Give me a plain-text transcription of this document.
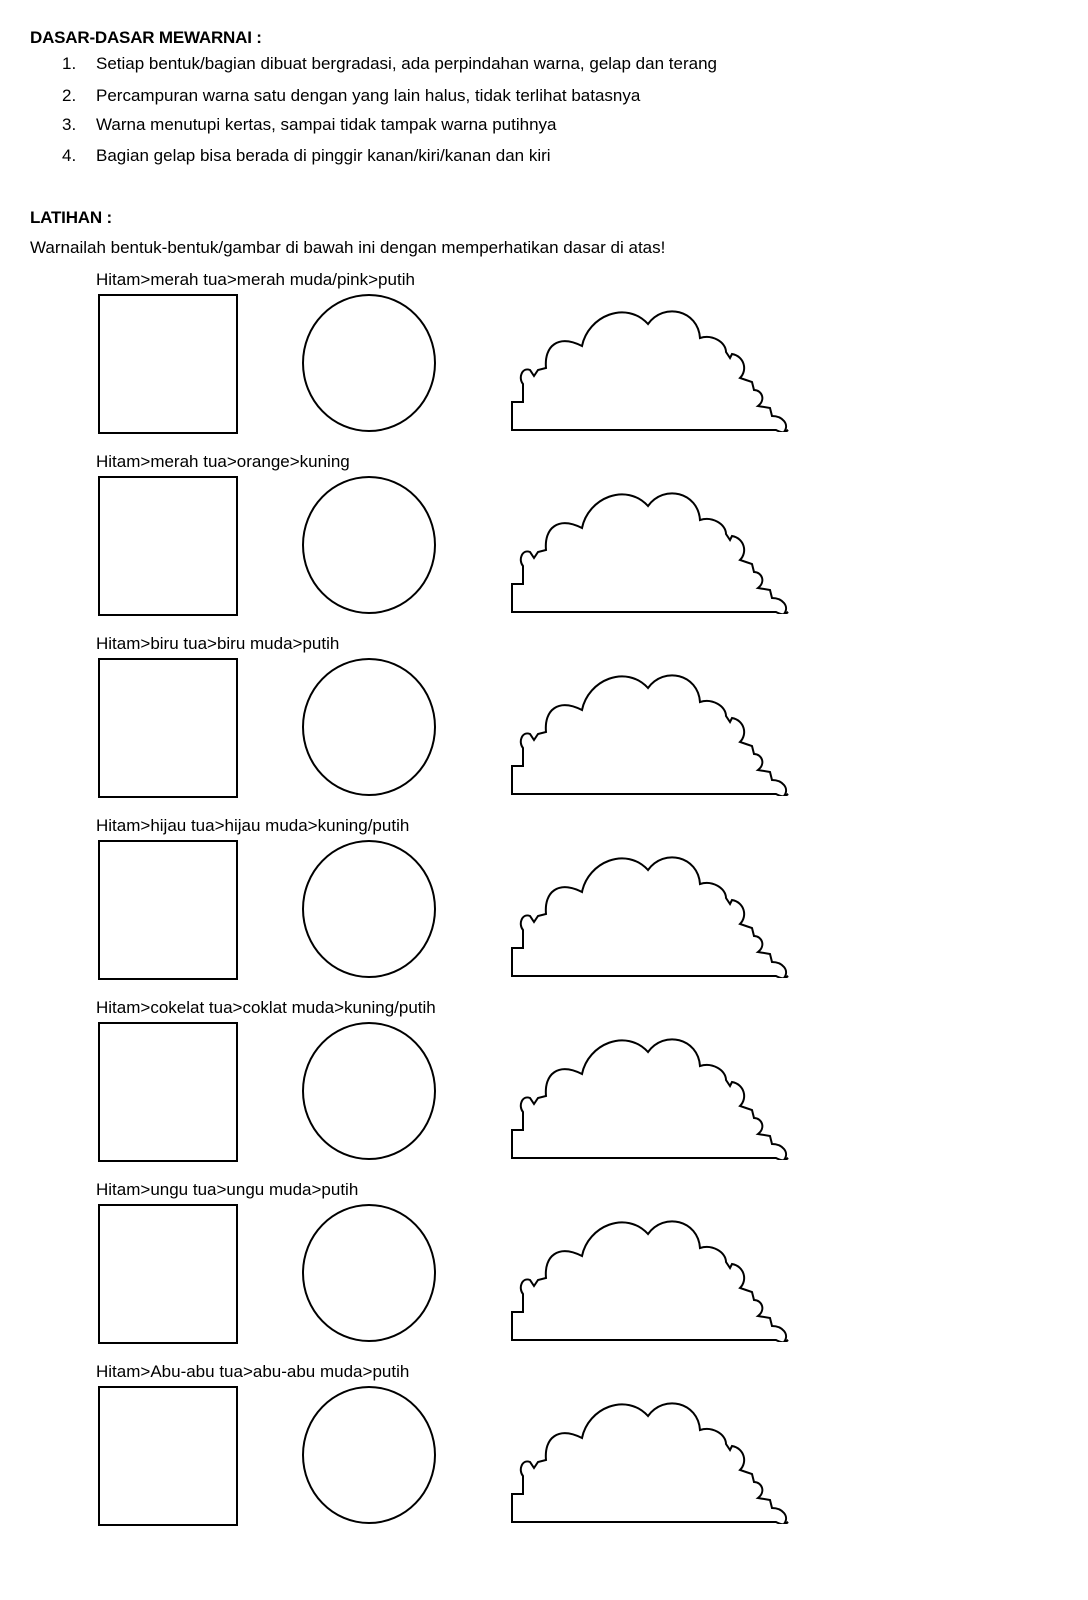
DASAR-DASAR MEWARNAI :
1. Setiap bentuk/bagian dibuat bergradasi, ada perpindahan warna, gelap dan terang
2. Percampuran warna satu dengan yang lain halus, tidak terlihat batasnya
3. Warna menutupi kertas, sampai tidak tampak warna putihnya
4. Bagian gelap bisa berada di pinggir kanan/kiri/kanan dan kiri
LATIHAN :
Warnailah bentuk-bentuk/gambar di bawah ini dengan memperhatikan dasar di atas!
Hitam>merah tua>merah muda/pink>putih
Hitam>merah tua>orange>kuning
Hitam>biru tua>biru muda>putih
Hitam>hijau tua>hijau muda>kuning/putih
Hitam>cokelat tua>coklat muda>kuning/putih
Hitam>ungu tua>ungu muda>putih
Hitam>Abu-abu tua>abu-abu muda>putih
